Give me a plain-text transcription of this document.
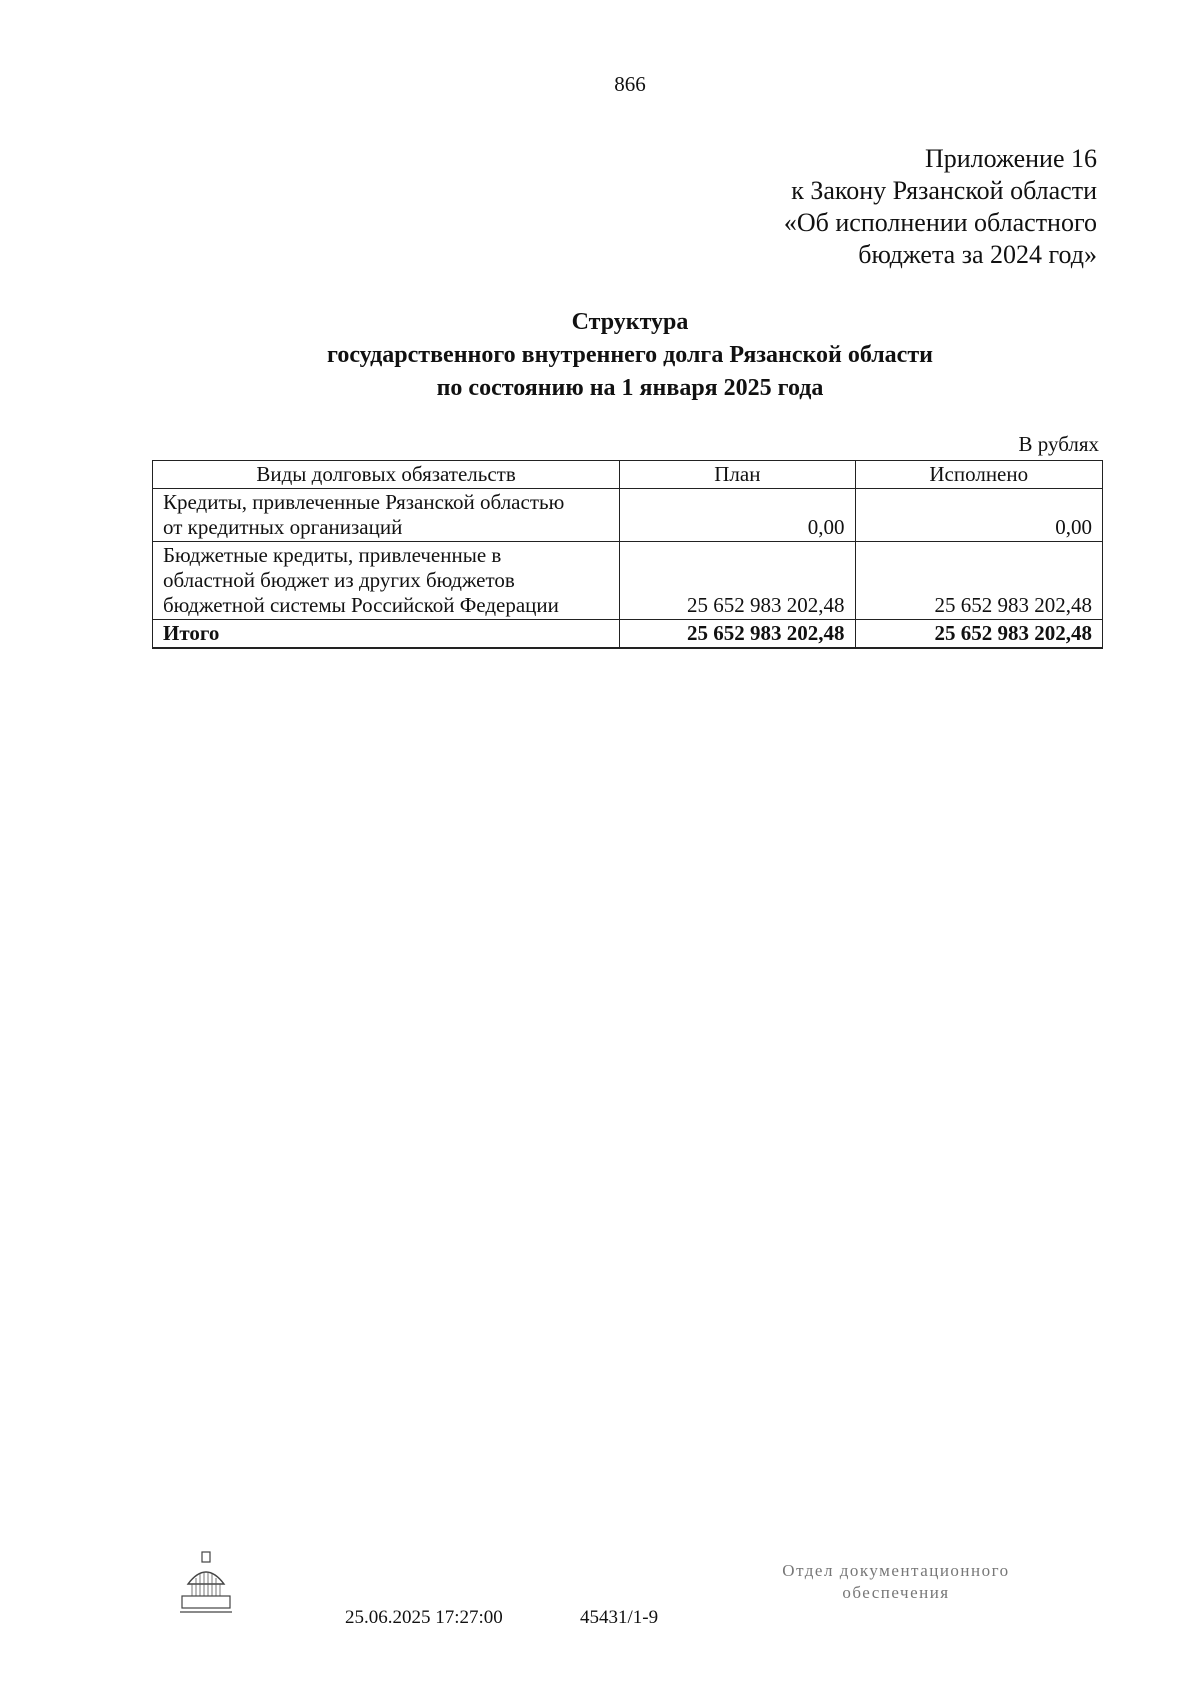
866
Приложение 16
к Закону Рязанской области
«Об исполнении областного
бюджета за 2024 год»
Структура
государственного внутреннего долга Рязанской области
по состоянию на 1 января 2025 года
В рублях
Виды долговых обязательств	План	Исполнено

Кредиты, привлеченные Рязанской областью
от кредитных организаций	0,00	0,00

Бюджетные кредиты, привлеченные в
областной бюджет из других бюджетов
бюджетной системы Российской Федерации	25 652 983 202,48	25 652 983 202,48
Итого	25 652 983 202,48	25 652 983 202,48
25.06.2025 17:27:00	45431/1-9
Отдел документационного
обеспечения
